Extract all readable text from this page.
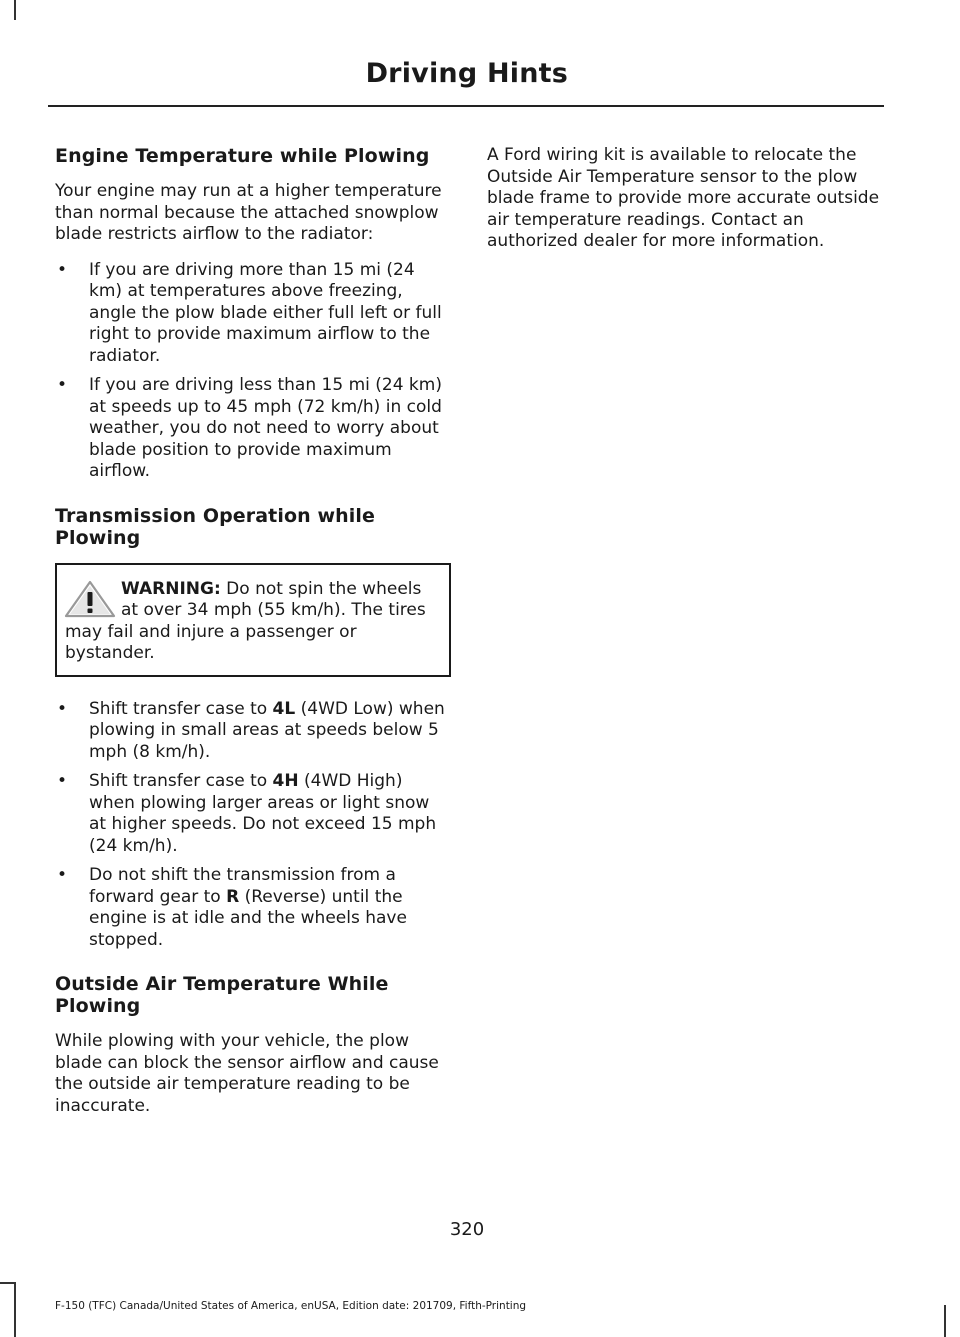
Driving Hints
Engine Temperature while Plowing

Your engine may run at a higher temperature than normal because the attached snowplow blade restricts airflow to the radiator:

• If you are driving more than 15 mi (24 km) at temperatures above freezing, angle the plow blade either full left or full right to provide maximum airflow to the radiator.
• If you are driving less than 15 mi (24 km) at speeds up to 45 mph (72 km/h) in cold weather, you do not need to worry about blade position to provide maximum airflow.
Transmission Operation while Plowing
WARNING: Do not spin the wheels at over 34 mph (55 km/h). The tires may fail and injure a passenger or bystander.
• Shift transfer case to 4L (4WD Low) when plowing in small areas at speeds below 5 mph (8 km/h).
• Shift transfer case to 4H (4WD High) when plowing larger areas or light snow at higher speeds. Do not exceed 15 mph (24 km/h).
• Do not shift the transmission from a forward gear to R (Reverse) until the engine is at idle and the wheels have stopped.
Outside Air Temperature While Plowing

While plowing with your vehicle, the plow blade can block the sensor airflow and cause the outside air temperature reading to be inaccurate.

A Ford wiring kit is available to relocate the Outside Air Temperature sensor to the plow blade frame to provide more accurate outside air temperature readings. Contact an authorized dealer for more information.

320
F-150 (TFC) Canada/United States of America, enUSA, Edition date: 201709, Fifth-Printing
